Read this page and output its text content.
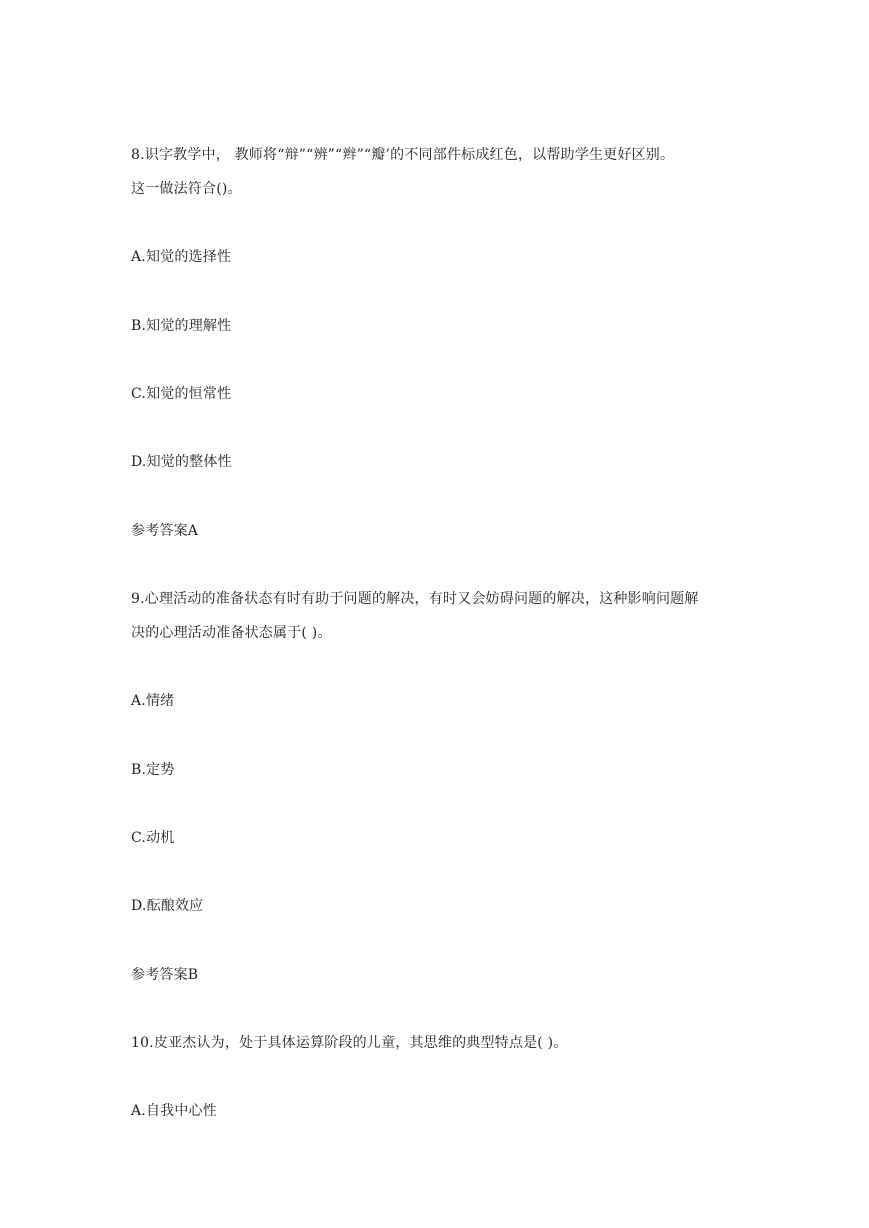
8.识字教学中， 教师将“辩”“辨”“辫”“瓣’的不同部件标成红色，以帮助学生更好区别。
这一做法符合()。
A.知觉的选择性
B.知觉的理解性
C.知觉的恒常性
D.知觉的整体性
参考答案A
9.心理活动的准备状态有时有助于问题的解决，有时又会妨碍问题的解决，这种影响问题解
决的心理活动准备状态属于( )。
A.情绪
B.定势
C.动机
D.酝酿效应
参考答案B
10.皮亚杰认为，处于具体运算阶段的儿童，其思维的典型特点是( )。
A.自我中心性
